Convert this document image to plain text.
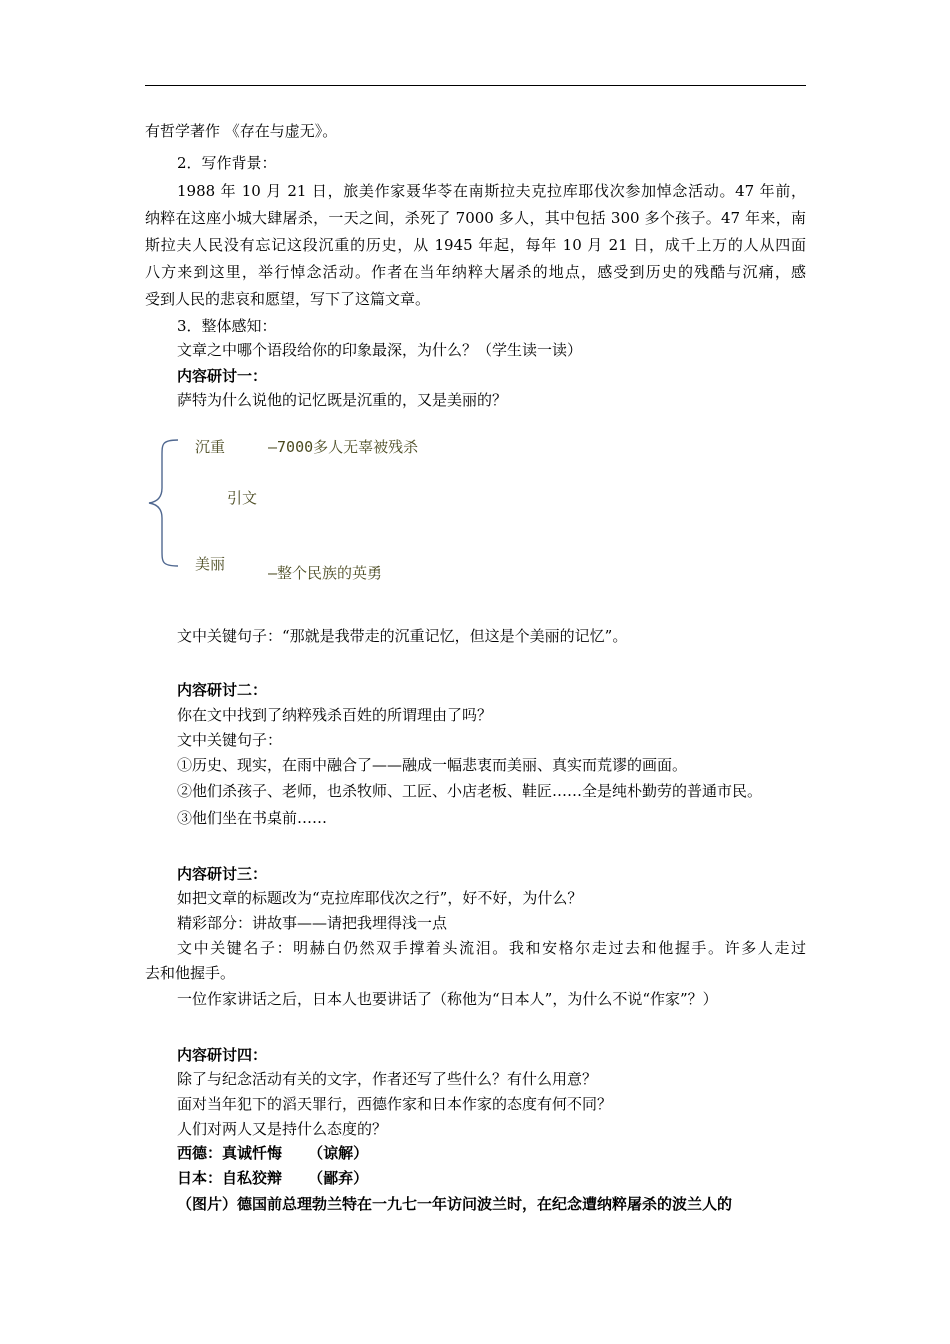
有哲学著作 《存在与虚无》。
2．写作背景：
1988 年 10 月 21 日，旅美作家聂华苓在南斯拉夫克拉库耶伐次参加悼念活动。47 年前，
纳粹在这座小城大肆屠杀，一天之间，杀死了 7000 多人，其中包括 300 多个孩子。47 年来，南
斯拉夫人民没有忘记这段沉重的历史，从 1945 年起，每年 10 月 21 日，成千上万的人从四面
八方来到这里，举行悼念活动。作者在当年纳粹大屠杀的地点，感受到历史的残酷与沉痛，感
受到人民的悲哀和愿望，写下了这篇文章。
3．整体感知：
文章之中哪个语段给你的印象最深，为什么？（学生读一读）
内容研讨一：
萨特为什么说他的记忆既是沉重的，又是美丽的？
沉重	—7000多人无辜被残杀
引文
美丽	—整个民族的英勇
文中关键句子：“那就是我带走的沉重记忆，但这是个美丽的记忆”。
内容研讨二：
你在文中找到了纳粹残杀百姓的所谓理由了吗？
文中关键句子：
①历史、现实，在雨中融合了——融成一幅悲衷而美丽、真实而荒谬的画面。
②他们杀孩子、老师，也杀牧师、工匠、小店老板、鞋匠……全是纯朴勤劳的普通市民。
③他们坐在书桌前……
内容研讨三：
如把文章的标题改为“克拉库耶伐次之行”，好不好，为什么？
精彩部分：讲故事——请把我埋得浅一点
文中关键名子：明赫白仍然双手撑着头流泪。我和安格尔走过去和他握手。许多人走过
去和他握手。
一位作家讲话之后，日本人也要讲话了（称他为“日本人”，为什么不说“作家”？）
内容研讨四：
除了与纪念活动有关的文字，作者还写了些什么？有什么用意？
面对当年犯下的滔天罪行，西德作家和日本作家的态度有何不同？
人们对两人又是持什么态度的？
西德：真诚忏悔     （谅解）
日本：自私狡辩     （鄙弃）
（图片）德国前总理勃兰特在一九七一年访问波兰时，在纪念遭纳粹屠杀的波兰人的
